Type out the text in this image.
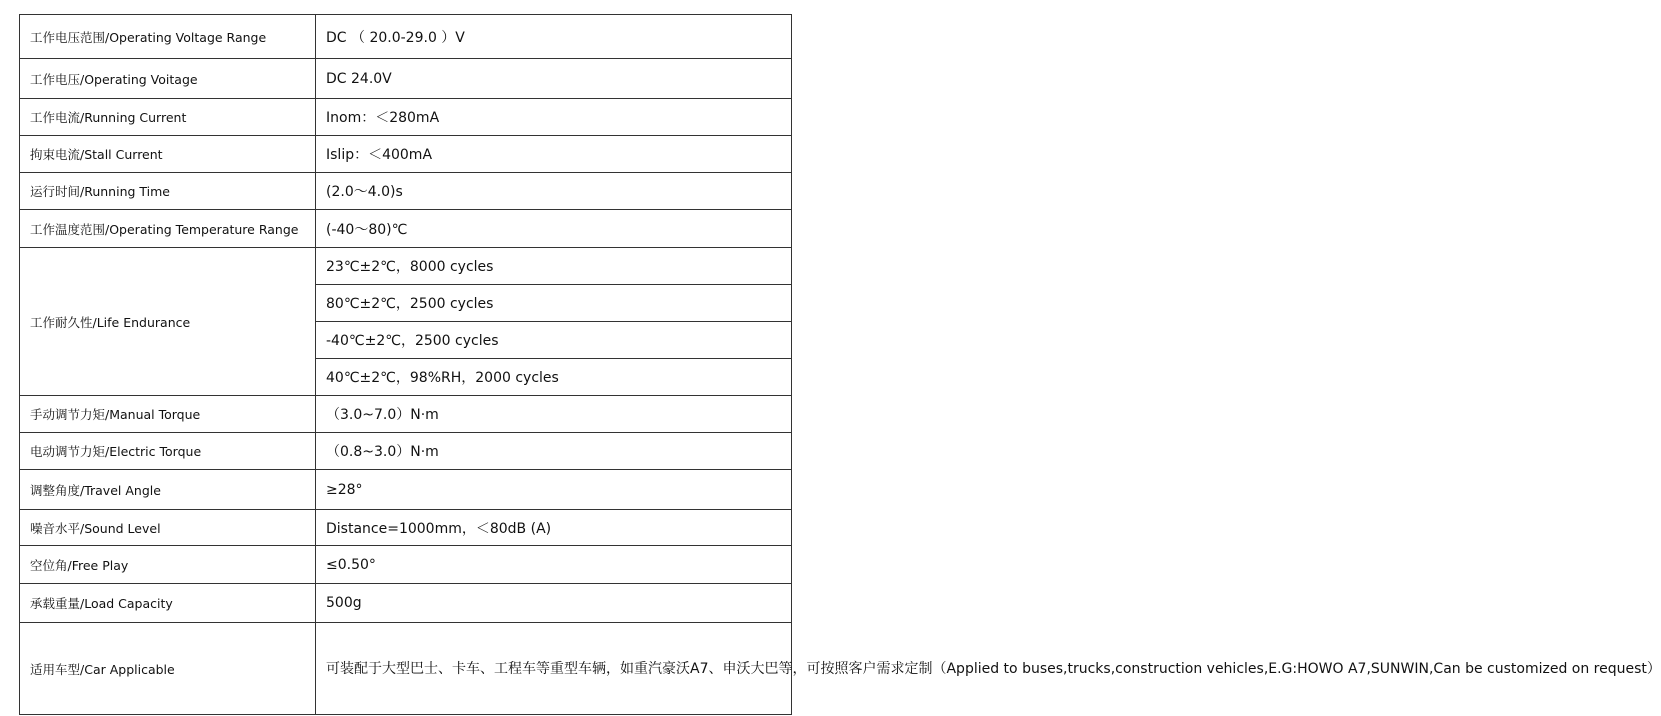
工作电压范围/Operating Voltage Range	DC （ 20.0-29.0 ）V
工作电压/Operating Voitage	DC 24.0V
工作电流/Running Current	Inom：＜280mA
拘束电流/Stall Current	Islip：＜400mA
运行时间/Running Time	(2.0～4.0)s
工作温度范围/Operating Temperature Range	(-40～80)℃
工作耐久性/Life Endurance	23℃±2℃，8000 cycles
	80℃±2℃，2500 cycles
	-40℃±2℃，2500 cycles
	40℃±2℃，98%RH，2000 cycles
手动调节力矩/Manual Torque	（3.0~7.0）N·m
电动调节力矩/Electric Torque	（0.8~3.0）N·m
调整角度/Travel Angle	≥28°
噪音水平/Sound Level	Distance=1000mm，＜80dB (A)
空位角/Free Play	≤0.50°
承载重量/Load Capacity	500g
适用车型/Car Applicable	可装配于大型巴士、卡车、工程车等重型车辆，如重汽豪沃A7、申沃大巴等，可按照客户需求定制（Applied to buses,trucks,construction vehicles,E.G:HOWO A7,SUNWIN,Can be customized on request）
